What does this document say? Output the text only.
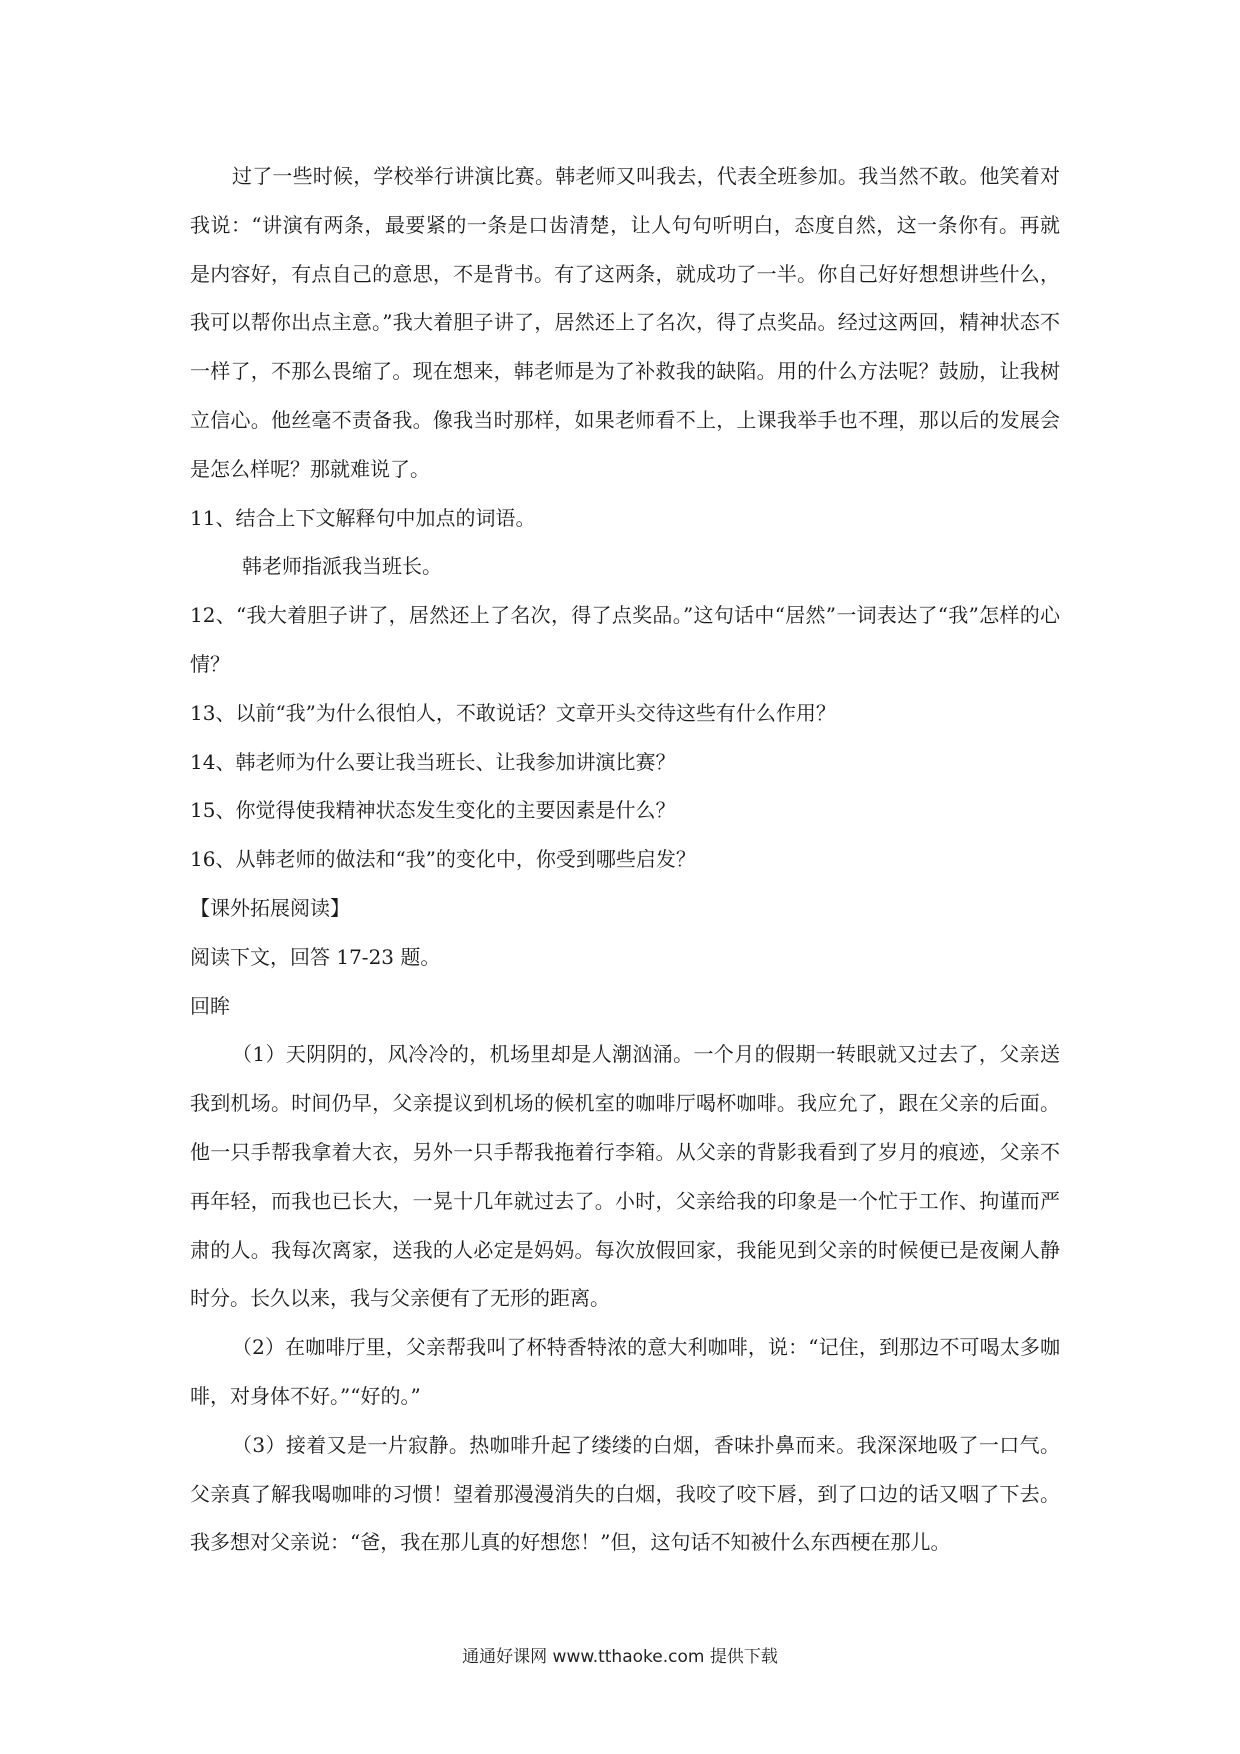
过了一些时候，学校举行讲演比赛。韩老师又叫我去，代表全班参加。我当然不敢。他笑着对我说：“讲演有两条，最要紧的一条是口齿清楚，让人句句听明白，态度自然，这一条你有。再就是内容好，有点自己的意思，不是背书。有了这两条，就成功了一半。你自己好好想想讲些什么，我可以帮你出点主意。”我大着胆子讲了，居然还上了名次，得了点奖品。经过这两回，精神状态不一样了，不那么畏缩了。现在想来，韩老师是为了补救我的缺陷。用的什么方法呢？鼓励，让我树立信心。他丝毫不责备我。像我当时那样，如果老师看不上，上课我举手也不理，那以后的发展会是怎么样呢？那就难说了。

11、结合上下文解释句中加点的词语。

韩老师指派我当班长。

12、“我大着胆子讲了，居然还上了名次，得了点奖品。”这句话中“居然”一词表达了“我”怎样的心情？

13、以前“我”为什么很怕人，不敢说话？文章开头交待这些有什么作用？

14、韩老师为什么要让我当班长、让我参加讲演比赛？

15、你觉得使我精神状态发生变化的主要因素是什么？

16、从韩老师的做法和“我”的变化中，你受到哪些启发？

【课外拓展阅读】

阅读下文，回答 17-23 题。

回眸

（1）天阴阴的，风冷冷的，机场里却是人潮汹涌。一个月的假期一转眼就又过去了，父亲送我到机场。时间仍早，父亲提议到机场的候机室的咖啡厅喝杯咖啡。我应允了，跟在父亲的后面。他一只手帮我拿着大衣，另外一只手帮我拖着行李箱。从父亲的背影我看到了岁月的痕迹，父亲不再年轻，而我也已长大，一晃十几年就过去了。小时，父亲给我的印象是一个忙于工作、拘谨而严肃的人。我每次离家，送我的人必定是妈妈。每次放假回家，我能见到父亲的时候便已是夜阑人静时分。长久以来，我与父亲便有了无形的距离。

（2）在咖啡厅里，父亲帮我叫了杯特香特浓的意大利咖啡，说：“记住，到那边不可喝太多咖啡，对身体不好。”“好的。”

（3）接着又是一片寂静。热咖啡升起了缕缕的白烟，香味扑鼻而来。我深深地吸了一口气。父亲真了解我喝咖啡的习惯！望着那漫漫消失的白烟，我咬了咬下唇，到了口边的话又咽了下去。我多想对父亲说：“爸，我在那儿真的好想您！”但，这句话不知被什么东西梗在那儿。

通通好课网 www.tthaoke.com 提供下载
